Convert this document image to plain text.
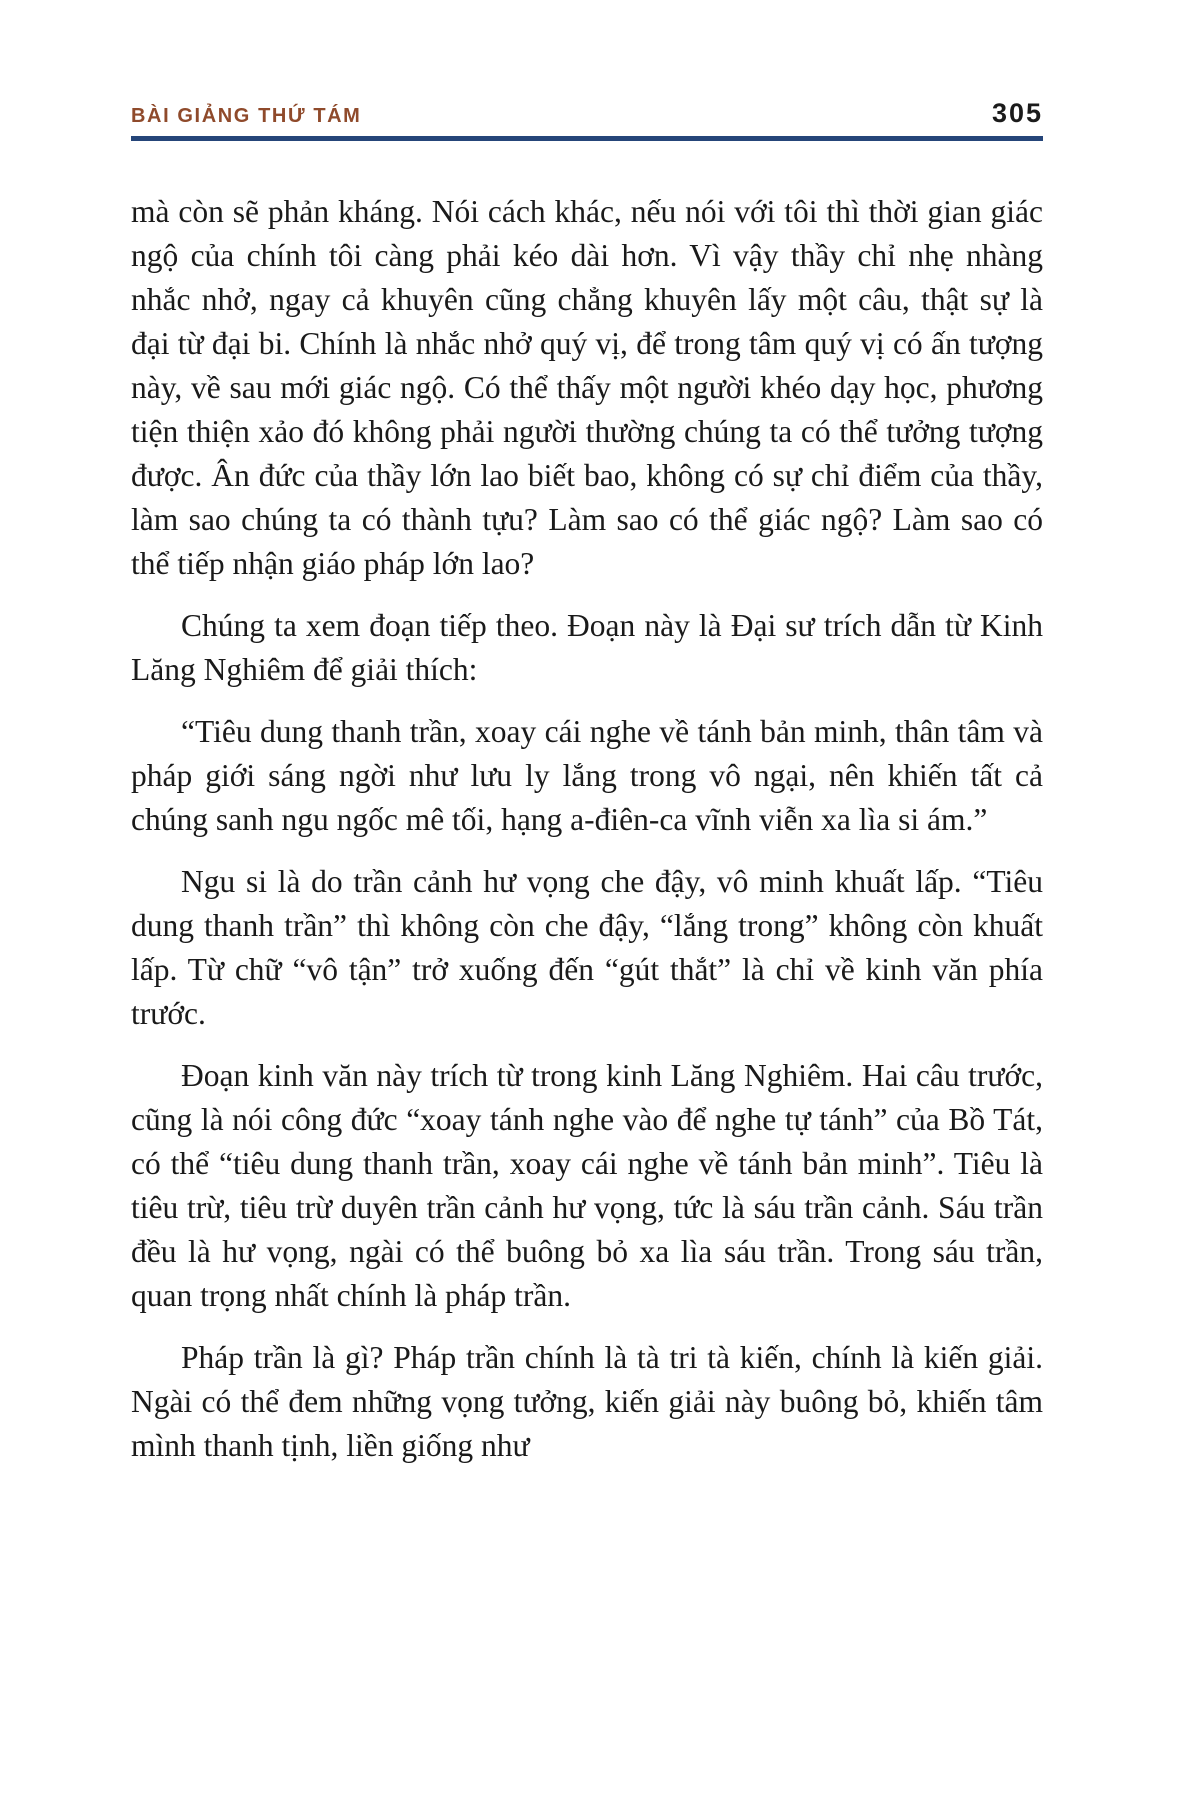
BÀI GIẢNG THỨ TÁM	305

mà còn sẽ phản kháng. Nói cách khác, nếu nói với tôi thì thời gian giác ngộ của chính tôi càng phải kéo dài hơn. Vì vậy thầy chỉ nhẹ nhàng nhắc nhở, ngay cả khuyên cũng chẳng khuyên lấy một câu, thật sự là đại từ đại bi. Chính là nhắc nhở quý vị, để trong tâm quý vị có ấn tượng này, về sau mới giác ngộ. Có thể thấy một người khéo dạy học, phương tiện thiện xảo đó không phải người thường chúng ta có thể tưởng tượng được. Ân đức của thầy lớn lao biết bao, không có sự chỉ điểm của thầy, làm sao chúng ta có thành tựu? Làm sao có thể giác ngộ? Làm sao có thể tiếp nhận giáo pháp lớn lao?

Chúng ta xem đoạn tiếp theo. Đoạn này là Đại sư trích dẫn từ Kinh Lăng Nghiêm để giải thích:

“Tiêu dung thanh trần, xoay cái nghe về tánh bản minh, thân tâm và pháp giới sáng ngời như lưu ly lắng trong vô ngại, nên khiến tất cả chúng sanh ngu ngốc mê tối, hạng a-điên-ca vĩnh viễn xa lìa si ám.”

Ngu si là do trần cảnh hư vọng che đậy, vô minh khuất lấp. “Tiêu dung thanh trần” thì không còn che đậy, “lắng trong” không còn khuất lấp. Từ chữ “vô tận” trở xuống đến “gút thắt” là chỉ về kinh văn phía trước.

Đoạn kinh văn này trích từ trong kinh Lăng Nghiêm. Hai câu trước, cũng là nói công đức “xoay tánh nghe vào để nghe tự tánh” của Bồ Tát, có thể “tiêu dung thanh trần, xoay cái nghe về tánh bản minh”. Tiêu là tiêu trừ, tiêu trừ duyên trần cảnh hư vọng, tức là sáu trần cảnh. Sáu trần đều là hư vọng, ngài có thể buông bỏ xa lìa sáu trần. Trong sáu trần, quan trọng nhất chính là pháp trần.

Pháp trần là gì? Pháp trần chính là tà tri tà kiến, chính là kiến giải. Ngài có thể đem những vọng tưởng, kiến giải này buông bỏ, khiến tâm mình thanh tịnh, liền giống như
